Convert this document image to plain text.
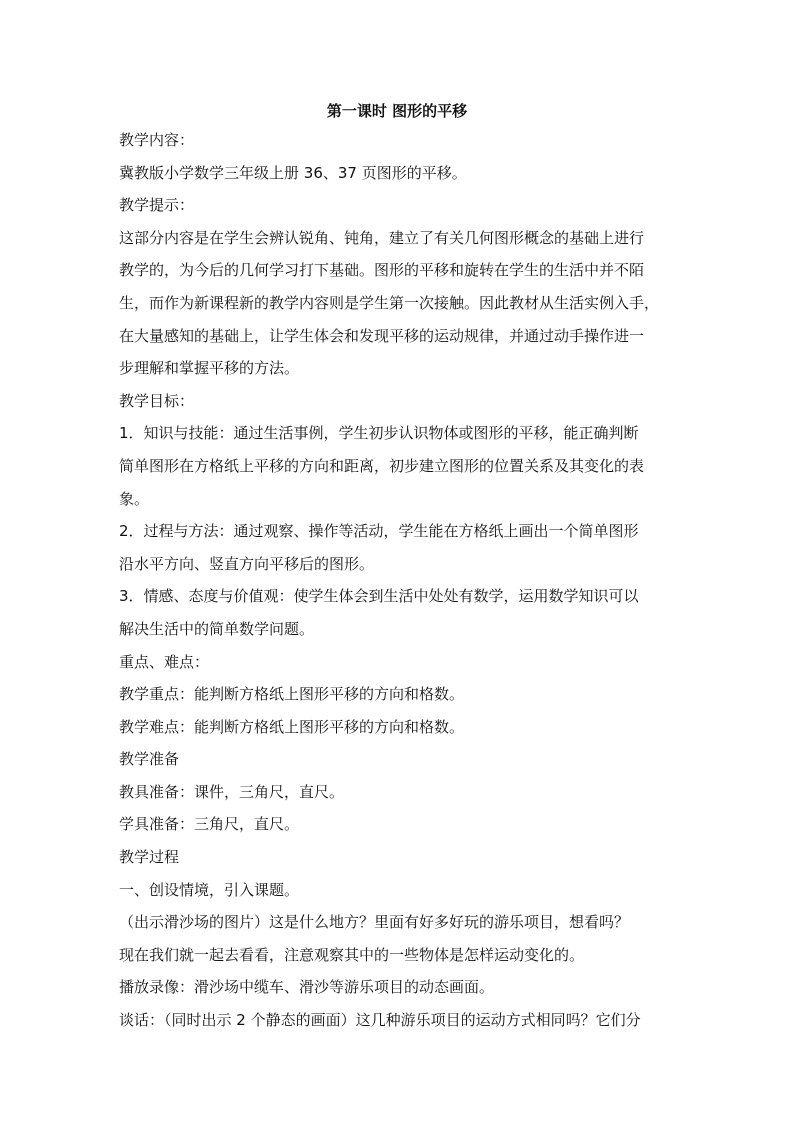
第一课时 图形的平移
教学内容：
冀教版小学数学三年级上册 36、37 页图形的平移。
教学提示：
这部分内容是在学生会辨认锐角、钝角，建立了有关几何图形概念的基础上进行
教学的，为今后的几何学习打下基础。图形的平移和旋转在学生的生活中并不陌
生，而作为新课程新的教学内容则是学生第一次接触。因此教材从生活实例入手，
在大量感知的基础上，让学生体会和发现平移的运动规律，并通过动手操作进一
步理解和掌握平移的方法。
教学目标：
1．知识与技能：通过生活事例，学生初步认识物体或图形的平移，能正确判断
简单图形在方格纸上平移的方向和距离，初步建立图形的位置关系及其变化的表
象。
2．过程与方法：通过观察、操作等活动，学生能在方格纸上画出一个简单图形
沿水平方向、竖直方向平移后的图形。
3．情感、态度与价值观：使学生体会到生活中处处有数学，运用数学知识可以
解决生活中的简单数学问题。
重点、难点：
教学重点：能判断方格纸上图形平移的方向和格数。
教学难点：能判断方格纸上图形平移的方向和格数。
教学准备
教具准备：课件，三角尺，直尺。
学具准备：三角尺，直尺。
教学过程
一、创设情境，引入课题。
（出示滑沙场的图片）这是什么地方？里面有好多好玩的游乐项目，想看吗？
现在我们就一起去看看，注意观察其中的一些物体是怎样运动变化的。
播放录像：滑沙场中缆车、滑沙等游乐项目的动态画面。
谈话：（同时出示 2 个静态的画面）这几种游乐项目的运动方式相同吗？它们分
